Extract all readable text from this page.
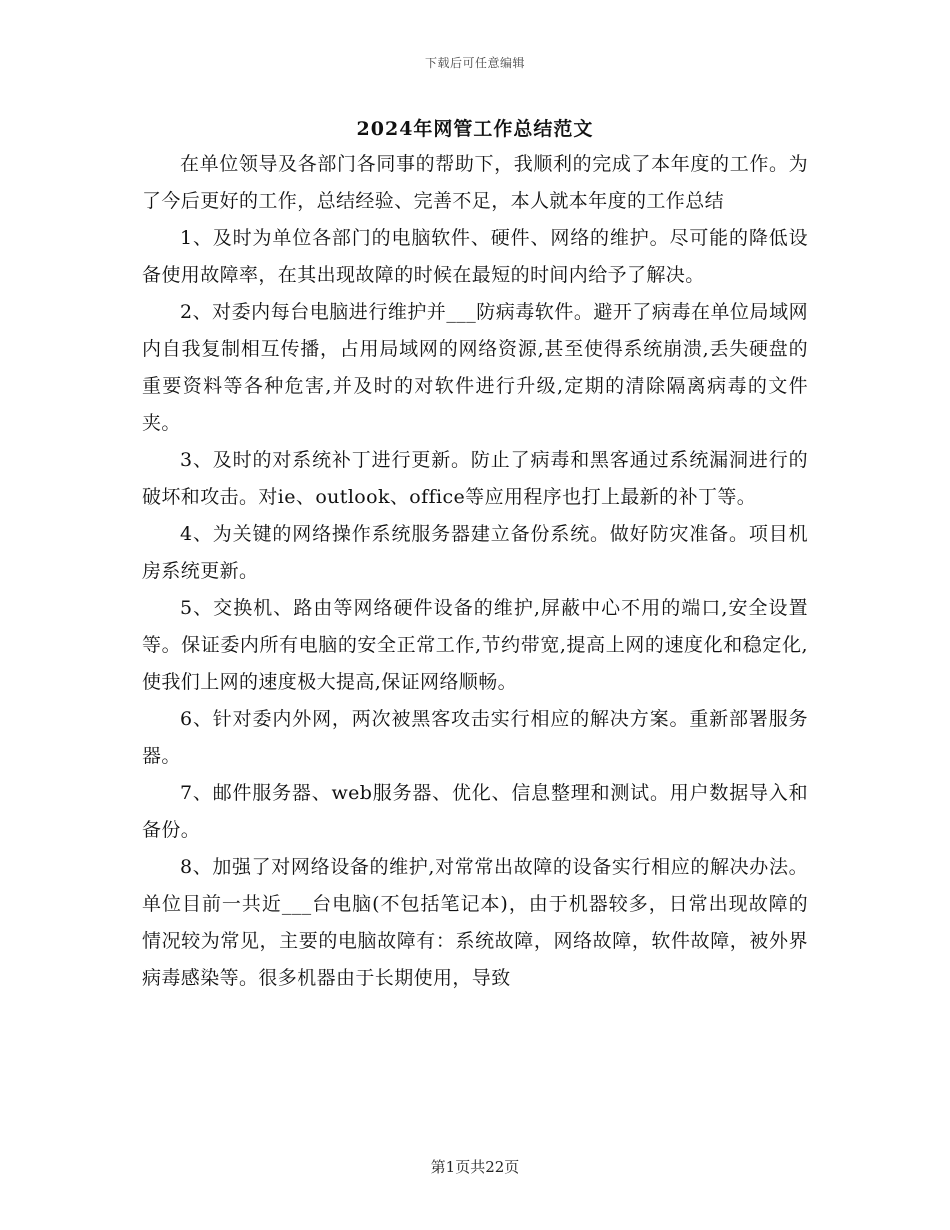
下载后可任意编辑
2024年网管工作总结范文

在单位领导及各部门各同事的帮助下，我顺利的完成了本年度的工作。为了今后更好的工作，总结经验、完善不足，本人就本年度的工作总结

1、及时为单位各部门的电脑软件、硬件、网络的维护。尽可能的降低设备使用故障率，在其出现故障的时候在最短的时间内给予了解决。

2、对委内每台电脑进行维护并___防病毒软件。避开了病毒在单位局域网内自我复制相互传播，占用局域网的网络资源,甚至使得系统崩溃,丢失硬盘的重要资料等各种危害,并及时的对软件进行升级,定期的清除隔离病毒的文件夹。

3、及时的对系统补丁进行更新。防止了病毒和黑客通过系统漏洞进行的破坏和攻击。对ie、outlook、office等应用程序也打上最新的补丁等。

4、为关键的网络操作系统服务器建立备份系统。做好防灾准备。项目机房系统更新。

5、交换机、路由等网络硬件设备的维护,屏蔽中心不用的端口,安全设置等。保证委内所有电脑的安全正常工作,节约带宽,提高上网的速度化和稳定化,使我们上网的速度极大提高,保证网络顺畅。

6、针对委内外网，两次被黑客攻击实行相应的解决方案。重新部署服务器。

7、邮件服务器、web服务器、优化、信息整理和测试。用户数据导入和备份。

8、加强了对网络设备的维护,对常常出故障的设备实行相应的解决办法。单位目前一共近___台电脑(不包括笔记本)，由于机器较多，日常出现故障的情况较为常见，主要的电脑故障有：系统故障，网络故障，软件故障，被外界病毒感染等。很多机器由于长期使用，导致

第1页共22页
